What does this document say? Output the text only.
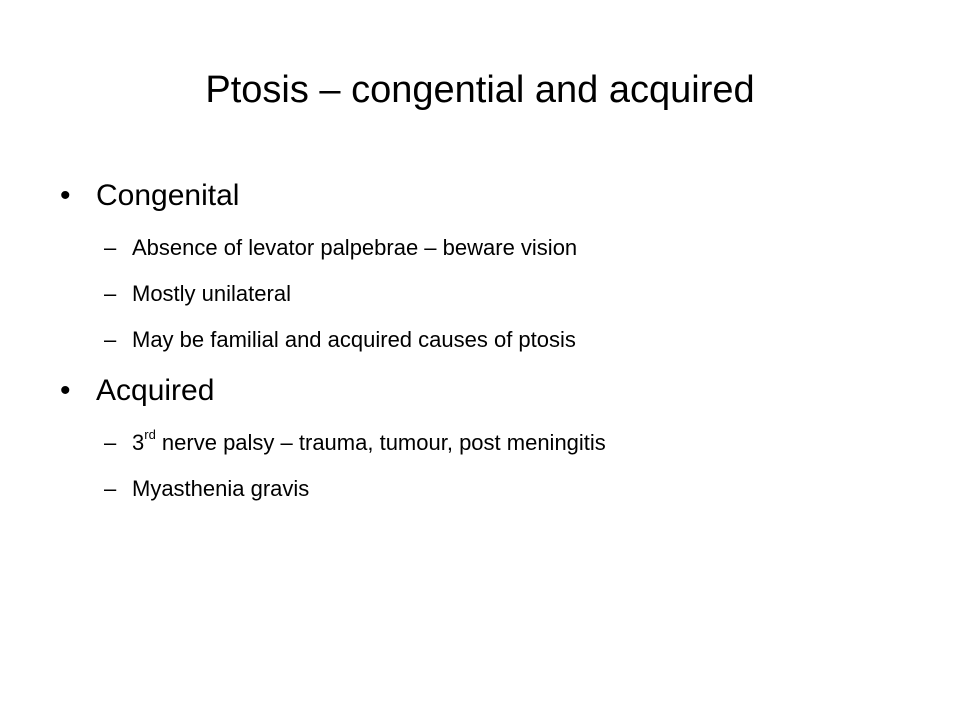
Ptosis – congential and acquired
• Congenital
– Absence of levator palpebrae – beware vision
– Mostly unilateral
– May be familial and acquired causes of ptosis
• Acquired
– 3rd nerve palsy – trauma, tumour, post meningitis
– Myasthenia gravis
